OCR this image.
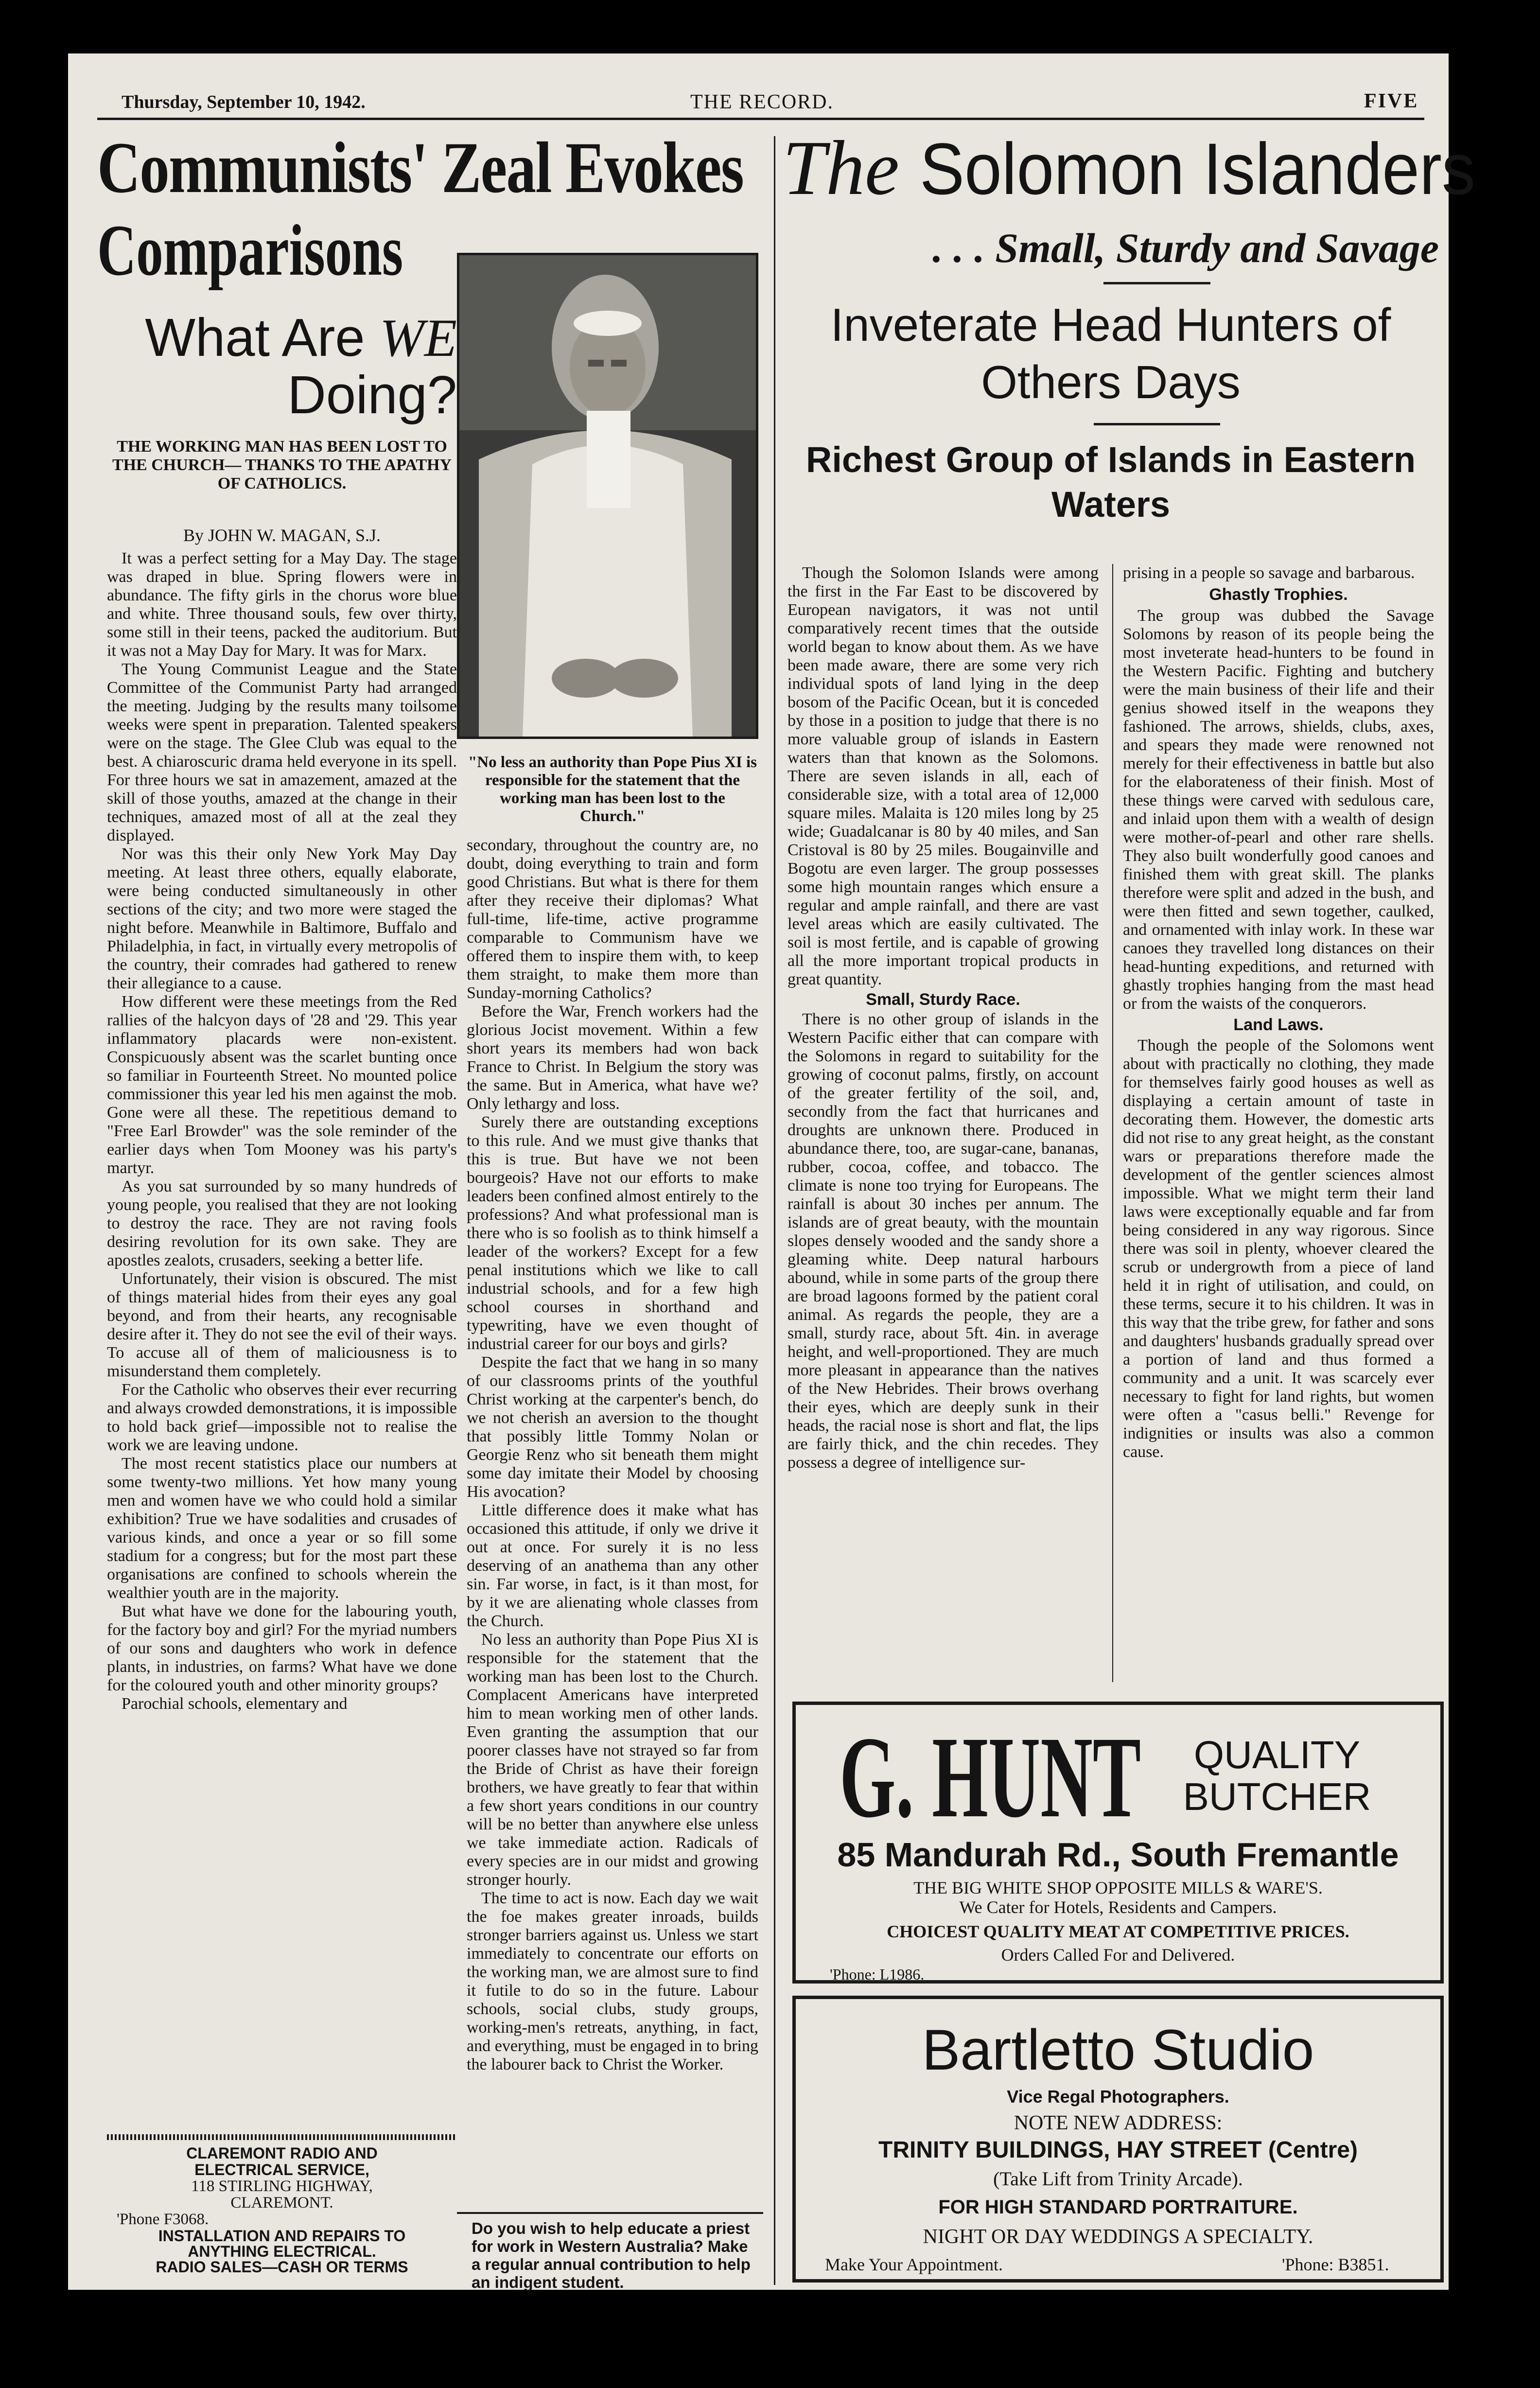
Thursday, September 10, 1942.	THE RECORD.	FIVE
Communists' Zeal Evokes
Comparisons
What Are WE
Doing?
THE WORKING MAN HAS BEEN LOST TO THE CHURCH— THANKS TO THE APATHY OF CATHOLICS.
By JOHN W. MAGAN, S.J.

It was a perfect setting for a May Day. The stage was draped in blue. Spring flowers were in abundance. The fifty girls in the chorus wore blue and white. Three thousand souls, few over thirty, some still in their teens, packed the auditorium. But it was not a May Day for Mary. It was for Marx.

The Young Communist League and the State Committee of the Communist Party had arranged the meeting. Judging by the results many toilsome weeks were spent in preparation. Talented speakers were on the stage. The Glee Club was equal to the best. A chiaroscuric drama held everyone in its spell. For three hours we sat in amazement, amazed at the skill of those youths, amazed at the change in their techniques, amazed most of all at the zeal they displayed.

Nor was this their only New York May Day meeting. At least three others, equally elaborate, were being conducted simultaneously in other sections of the city; and two more were staged the night before. Meanwhile in Baltimore, Buffalo and Philadelphia, in fact, in virtually every metropolis of the country, their comrades had gathered to renew their allegiance to a cause.

How different were these meetings from the Red rallies of the halcyon days of '28 and '29. This year inflammatory placards were non-existent. Conspicuously absent was the scarlet bunting once so familiar in Fourteenth Street. No mounted police commissioner this year led his men against the mob. Gone were all these. The repetitious demand to "Free Earl Browder" was the sole reminder of the earlier days when Tom Mooney was his party's martyr.

As you sat surrounded by so many hundreds of young people, you realised that they are not looking to destroy the race. They are not raving fools desiring revolution for its own sake. They are apostles zealots, crusaders, seeking a better life.

Unfortunately, their vision is obscured. The mist of things material hides from their eyes any goal beyond, and from their hearts, any recognisable desire after it. They do not see the evil of their ways. To accuse all of them of maliciousness is to misunderstand them completely.

For the Catholic who observes their ever recurring and always crowded demonstrations, it is impossible to hold back grief—impossible not to realise the work we are leaving undone.

The most recent statistics place our numbers at some twenty-two millions. Yet how many young men and women have we who could hold a similar exhibition? True we have sodalities and crusades of various kinds, and once a year or so fill some stadium for a congress; but for the most part these organisations are confined to schools wherein the wealthier youth are in the majority.

But what have we done for the labouring youth, for the factory boy and girl? For the myriad numbers of our sons and daughters who work in defence plants, in industries, on farms? What have we done for the coloured youth and other minority groups?

Parochial schools, elementary and

"No less an authority than Pope Pius XI is responsible for the statement that the working man has been lost to the Church."

secondary, throughout the country are, no doubt, doing everything to train and form good Christians. But what is there for them after they receive their diplomas? What full-time, life-time, active programme comparable to Communism have we offered them to inspire them with, to keep them straight, to make them more than Sunday-morning Catholics?

Before the War, French workers had the glorious Jocist movement. Within a few short years its members had won back France to Christ. In Belgium the story was the same. But in America, what have we? Only lethargy and loss.

Surely there are outstanding exceptions to this rule. And we must give thanks that this is true. But have we not been bourgeois? Have not our efforts to make leaders been confined almost entirely to the professions? And what professional man is there who is so foolish as to think himself a leader of the workers? Except for a few penal institutions which we like to call industrial schools, and for a few high school courses in shorthand and typewriting, have we even thought of industrial career for our boys and girls?

Despite the fact that we hang in so many of our classrooms prints of the youthful Christ working at the carpenter's bench, do we not cherish an aversion to the thought that possibly little Tommy Nolan or Georgie Renz who sit beneath them might some day imitate their Model by choosing His avocation?

Little difference does it make what has occasioned this attitude, if only we drive it out at once. For surely it is no less deserving of an anathema than any other sin. Far worse, in fact, is it than most, for by it we are alienating whole classes from the Church.

No less an authority than Pope Pius XI is responsible for the statement that the working man has been lost to the Church. Complacent Americans have interpreted him to mean working men of other lands. Even granting the assumption that our poorer classes have not strayed so far from the Bride of Christ as have their foreign brothers, we have greatly to fear that within a few short years conditions in our country will be no better than anywhere else unless we take immediate action. Radicals of every species are in our midst and growing stronger hourly.

The time to act is now. Each day we wait the foe makes greater inroads, builds stronger barriers against us. Unless we start immediately to concentrate our efforts on the working man, we are almost sure to find it futile to do so in the future. Labour schools, social clubs, study groups, working-men's retreats, anything, in fact, and everything, must be engaged in to bring the labourer back to Christ the Worker.

Do you wish to help educate a priest for work in Western Australia? Make a regular annual contribution to help an indigent student.
CLAREMONT RADIO AND
ELECTRICAL SERVICE,
118 STIRLING HIGHWAY,
CLAREMONT.
'Phone F3068.
INSTALLATION AND REPAIRS TO
ANYTHING ELECTRICAL.
RADIO SALES—CASH OR TERMS
The Solomon Islanders
. . . Small, Sturdy and Savage
Inveterate Head Hunters of
Others Days
Richest Group of Islands in Eastern Waters

Though the Solomon Islands were among the first in the Far East to be discovered by European navigators, it was not until comparatively recent times that the outside world began to know about them. As we have been made aware, there are some very rich individual spots of land lying in the deep bosom of the Pacific Ocean, but it is conceded by those in a position to judge that there is no more valuable group of islands in Eastern waters than that known as the Solomons. There are seven islands in all, each of considerable size, with a total area of 12,000 square miles. Malaita is 120 miles long by 25 wide; Guadalcanar is 80 by 40 miles, and San Cristoval is 80 by 25 miles. Bougainville and Bogotu are even larger. The group possesses some high mountain ranges which ensure a regular and ample rainfall, and there are vast level areas which are easily cultivated. The soil is most fertile, and is capable of growing all the more important tropical products in great quantity.

Small, Sturdy Race.

There is no other group of islands in the Western Pacific either that can compare with the Solomons in regard to suitability for the growing of coconut palms, firstly, on account of the greater fertility of the soil, and, secondly from the fact that hurricanes and droughts are unknown there. Produced in abundance there, too, are sugar-cane, bananas, rubber, cocoa, coffee, and tobacco. The climate is none too trying for Europeans. The rainfall is about 30 inches per annum. The islands are of great beauty, with the mountain slopes densely wooded and the sandy shore a gleaming white. Deep natural harbours abound, while in some parts of the group there are broad lagoons formed by the patient coral animal. As regards the people, they are a small, sturdy race, about 5ft. 4in. in average height, and well-proportioned. They are much more pleasant in appearance than the natives of the New Hebrides. Their brows overhang their eyes, which are deeply sunk in their heads, the racial nose is short and flat, the lips are fairly thick, and the chin recedes. They possess a degree of intelligence sur-

prising in a people so savage and barbarous.

Ghastly Trophies.

The group was dubbed the Savage Solomons by reason of its people being the most inveterate head-hunters to be found in the Western Pacific. Fighting and butchery were the main business of their life and their genius showed itself in the weapons they fashioned. The arrows, shields, clubs, axes, and spears they made were renowned not merely for their effectiveness in battle but also for the elaborateness of their finish. Most of these things were carved with sedulous care, and inlaid upon them with a wealth of design were mother-of-pearl and other rare shells. They also built wonderfully good canoes and finished them with great skill. The planks therefore were split and adzed in the bush, and were then fitted and sewn together, caulked, and ornamented with inlay work. In these war canoes they travelled long distances on their head-hunting expeditions, and returned with ghastly trophies hanging from the mast head or from the waists of the conquerors.

Land Laws.

Though the people of the Solomons went about with practically no clothing, they made for themselves fairly good houses as well as displaying a certain amount of taste in decorating them. However, the domestic arts did not rise to any great height, as the constant wars or preparations therefore made the development of the gentler sciences almost impossible. What we might term their land laws were exceptionally equable and far from being considered in any way rigorous. Since there was soil in plenty, whoever cleared the scrub or undergrowth from a piece of land held it in right of utilisation, and could, on these terms, secure it to his children. It was in this way that the tribe grew, for father and sons and daughters' husbands gradually spread over a portion of land and thus formed a community and a unit. It was scarcely ever necessary to fight for land rights, but women were often a "casus belli." Revenge for indignities or insults was also a common cause.

G. HUNT	QUALITY
BUTCHER
85 Mandurah Rd., South Fremantle
THE BIG WHITE SHOP OPPOSITE MILLS & WARE'S.
We Cater for Hotels, Residents and Campers.
CHOICEST QUALITY MEAT AT COMPETITIVE PRICES.
Orders Called For and Delivered.
'Phone: L1986.
Bartletto Studio
Vice Regal Photographers.
NOTE NEW ADDRESS:
TRINITY BUILDINGS, HAY STREET (Centre)
(Take Lift from Trinity Arcade).
FOR HIGH STANDARD PORTRAITURE.
NIGHT OR DAY WEDDINGS A SPECIALTY.
Make Your Appointment.	'Phone: B3851.
